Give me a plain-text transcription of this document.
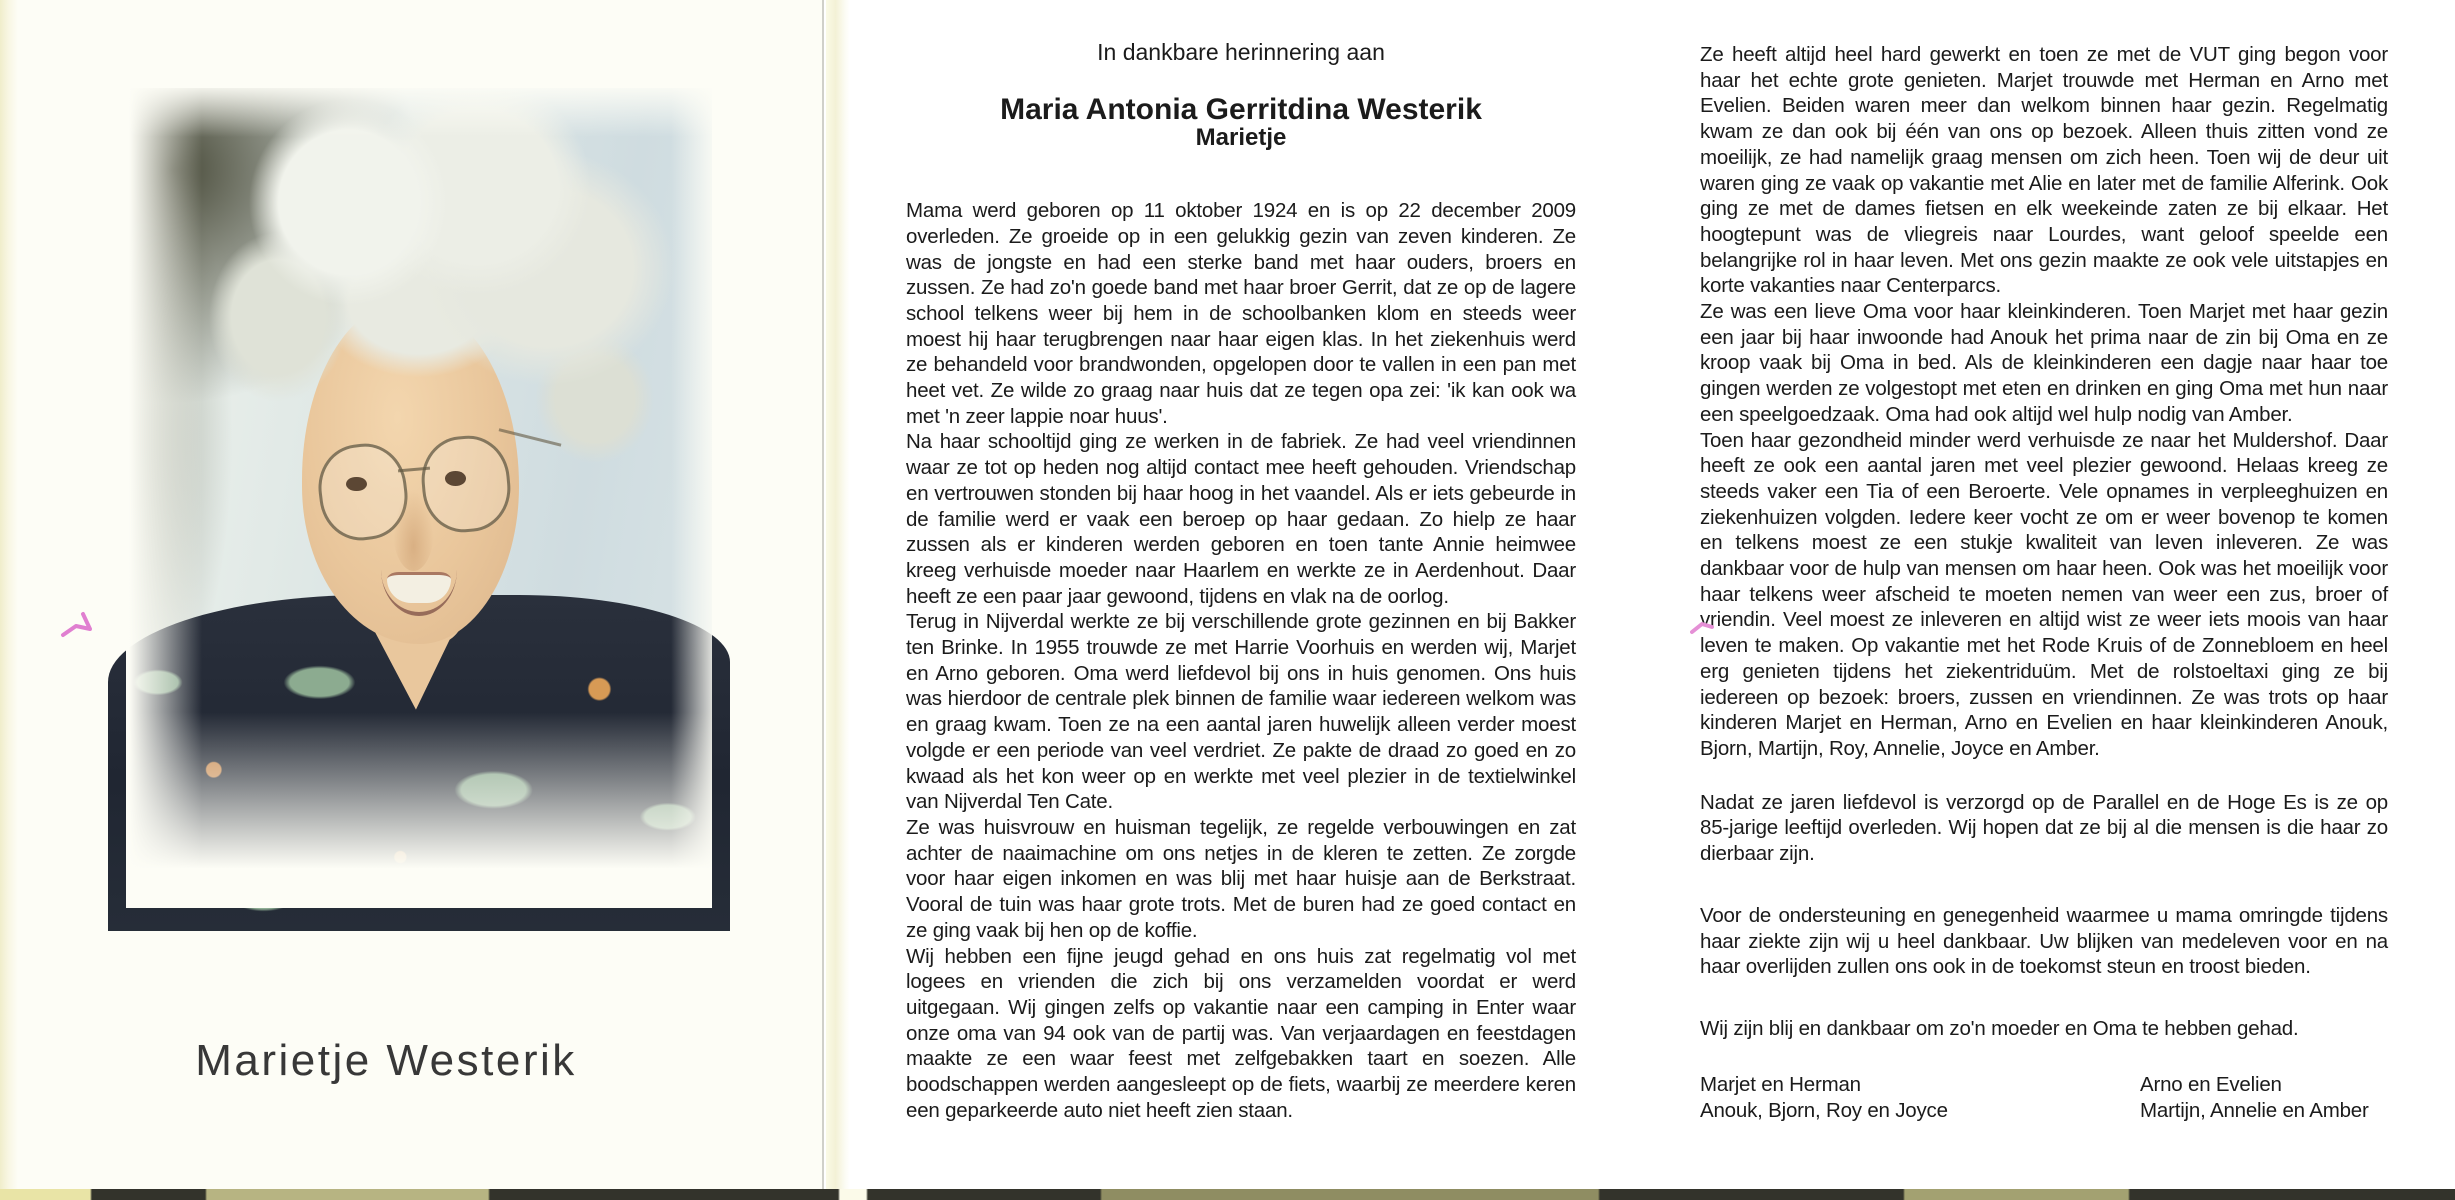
Marietje Westerik

In dankbare herinnering aan

Maria Antonia Gerritdina Westerik

Marietje

Mama werd geboren op 11 oktober 1924 en is op 22 december 2009 overleden. Ze groeide op in een gelukkig gezin van zeven kinderen. Ze was de jongste en had een sterke band met haar ouders, broers en zussen. Ze had zo'n goede band met haar broer Gerrit, dat ze op de lagere school telkens weer bij hem in de schoolbanken klom en steeds weer moest hij haar terugbrengen naar haar eigen klas. In het ziekenhuis werd ze behandeld voor brandwonden, opgelopen door te vallen in een pan met heet vet. Ze wilde zo graag naar huis dat ze tegen opa zei: 'ik kan ook wa met 'n zeer lappie noar huus'.

Na haar schooltijd ging ze werken in de fabriek. Ze had veel vriendinnen waar ze tot op heden nog altijd contact mee heeft gehouden. Vriendschap en vertrouwen stonden bij haar hoog in het vaandel. Als er iets gebeurde in de familie werd er vaak een beroep op haar gedaan. Zo hielp ze haar zussen als er kinderen werden geboren en toen tante Annie heimwee kreeg verhuisde moeder naar Haarlem en werkte ze in Aerdenhout. Daar heeft ze een paar jaar gewoond, tijdens en vlak na de oorlog.

Terug in Nijverdal werkte ze bij verschillende grote gezinnen en bij Bakker ten Brinke. In 1955 trouwde ze met Harrie Voorhuis en werden wij, Marjet en Arno geboren. Oma werd liefdevol bij ons in huis genomen. Ons huis was hierdoor de centrale plek binnen de familie waar iedereen welkom was en graag kwam. Toen ze na een aantal jaren huwelijk alleen verder moest volgde er een periode van veel verdriet. Ze pakte de draad zo goed en zo kwaad als het kon weer op en werkte met veel plezier in de textielwinkel van Nijverdal Ten Cate.

Ze was huisvrouw en huisman tegelijk, ze regelde verbouwingen en zat achter de naaimachine om ons netjes in de kleren te zetten. Ze zorgde voor haar eigen inkomen en was blij met haar huisje aan de Berkstraat. Vooral de tuin was haar grote trots. Met de buren had ze goed contact en ze ging vaak bij hen op de koffie.

Wij hebben een fijne jeugd gehad en ons huis zat regelmatig vol met logees en vrienden die zich bij ons verzamelden voordat er werd uitgegaan. Wij gingen zelfs op vakantie naar een camping in Enter waar onze oma van 94 ook van de partij was. Van verjaardagen en feestdagen maakte ze een waar feest met zelfgebakken taart en soezen. Alle boodschappen werden aangesleept op de fiets, waarbij ze meerdere keren een geparkeerde auto niet heeft zien staan.

Ze heeft altijd heel hard gewerkt en toen ze met de VUT ging begon voor haar het echte grote genieten. Marjet trouwde met Herman en Arno met Evelien. Beiden waren meer dan welkom binnen haar gezin. Regelmatig kwam ze dan ook bij één van ons op bezoek. Alleen thuis zitten vond ze moeilijk, ze had namelijk graag mensen om zich heen. Toen wij de deur uit waren ging ze vaak op vakantie met Alie en later met de familie Alferink. Ook ging ze met de dames fietsen en elk weekeinde zaten ze bij elkaar. Het hoogtepunt was de vliegreis naar Lourdes, want geloof speelde een belangrijke rol in haar leven. Met ons gezin maakte ze ook vele uitstapjes en korte vakanties naar Centerparcs.

Ze was een lieve Oma voor haar kleinkinderen. Toen Marjet met haar gezin een jaar bij haar inwoonde had Anouk het prima naar de zin bij Oma en ze kroop vaak bij Oma in bed. Als de kleinkinderen een dagje naar haar toe gingen werden ze volgestopt met eten en drinken en ging Oma met hun naar een speelgoedzaak. Oma had ook altijd wel hulp nodig van Amber.

Toen haar gezondheid minder werd verhuisde ze naar het Muldershof. Daar heeft ze ook een aantal jaren met veel plezier gewoond. Helaas kreeg ze steeds vaker een Tia of een Beroerte. Vele opnames in verpleeghuizen en ziekenhuizen volgden. Iedere keer vocht ze om er weer bovenop te komen en telkens moest ze een stukje kwaliteit van leven inleveren. Ze was dankbaar voor de hulp van mensen om haar heen. Ook was het moeilijk voor haar telkens weer afscheid te moeten nemen van weer een zus, broer of vriendin. Veel moest ze inleveren en altijd wist ze weer iets moois van haar leven te maken. Op vakantie met het Rode Kruis of de Zonnebloem en heel erg genieten tijdens het ziekentriduüm. Met de rolstoeltaxi ging ze bij iedereen op bezoek: broers, zussen en vriendinnen. Ze was trots op haar kinderen Marjet en Herman, Arno en Evelien en haar kleinkinderen Anouk, Bjorn, Martijn, Roy, Annelie, Joyce en Amber.

Nadat ze jaren liefdevol is verzorgd op de Parallel en de Hoge Es is ze op 85-jarige leeftijd overleden. Wij hopen dat ze bij al die mensen is die haar zo dierbaar zijn.

Voor de ondersteuning en genegenheid waarmee u mama omringde tijdens haar ziekte zijn wij u heel dankbaar. Uw blijken van medeleven voor en na haar overlijden zullen ons ook in de toekomst steun en troost bieden.

Wij zijn blij en dankbaar om zo'n moeder en Oma te hebben gehad.

Marjet en Herman
Anouk, Bjorn, Roy en Joyce
Arno en Evelien
Martijn, Annelie en Amber
